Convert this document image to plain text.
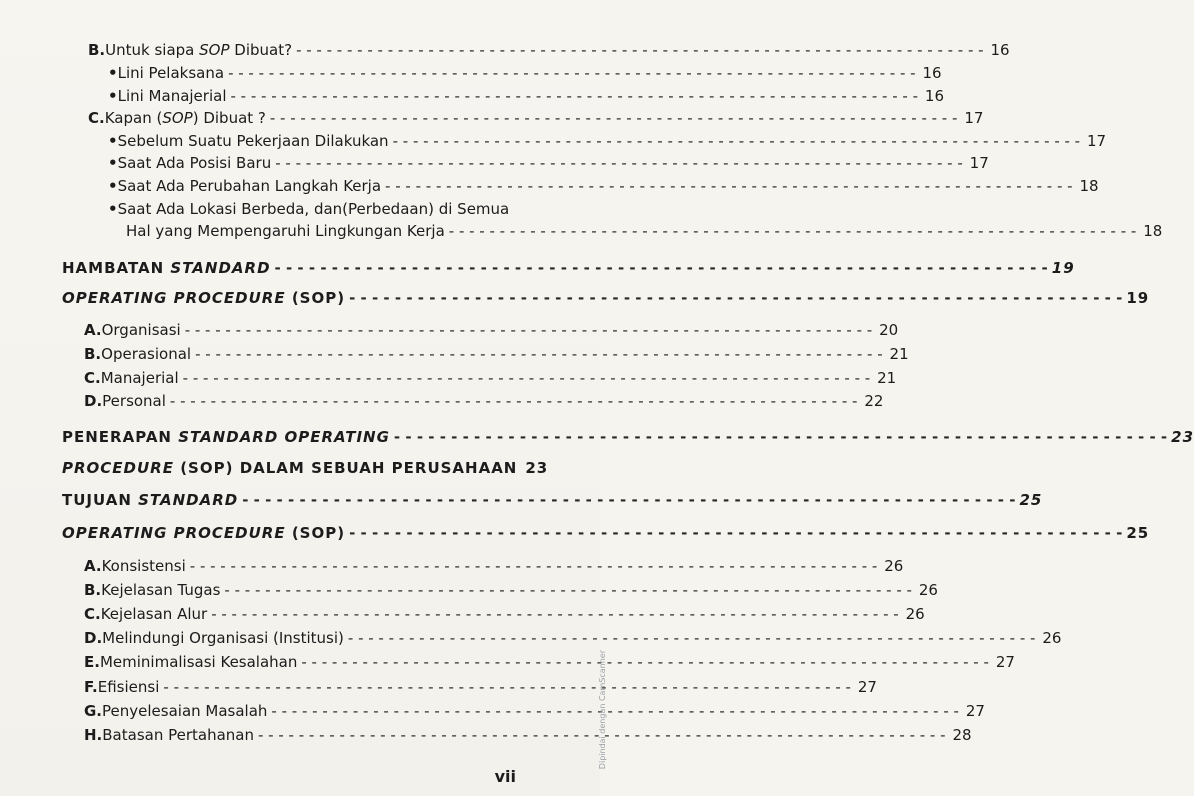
B. Untuk siapa SOP Dibuat? - - -	16
• Lini Pelaksana - - -	16
• Lini Manajerial - - -	16
C. Kapan (SOP) Dibuat ? - - -	17
• Sebelum Suatu Pekerjaan Dilakukan - - -	17
• Saat Ada Posisi Baru - - -	17
• Saat Ada Perubahan Langkah Kerja - - -	18
• Saat Ada Lokasi Berbeda, dan(Perbedaan) di Semua
Hal yang Mempengaruhi Lingkungan Kerja - - -	18
HAMBATAN STANDARD - - -	19
OPERATING PROCEDURE (SOP) - - -	19
A. Organisasi - - -	20
B. Operasional - - -	21
C. Manajerial - - -	21
D. Personal - - -	22
PENERAPAN STANDARD OPERATING - - -	23
PROCEDURE (SOP) DALAM SEBUAH PERUSAHAAN 23
TUJUAN STANDARD - - -	25
OPERATING PROCEDURE (SOP) - - -	25
A. Konsistensi - - -	26
B. Kejelasan Tugas - - -	26
C. Kejelasan Alur - - -	26
D. Melindungi Organisasi (Institusi) - - -	26
E. Meminimalisasi Kesalahan - - -	27
F. Efisiensi - - -	27
G. Penyelesaian Masalah - - -	27
H. Batasan Pertahanan - - -	28
vii
Dipindai dengan CamScanner
